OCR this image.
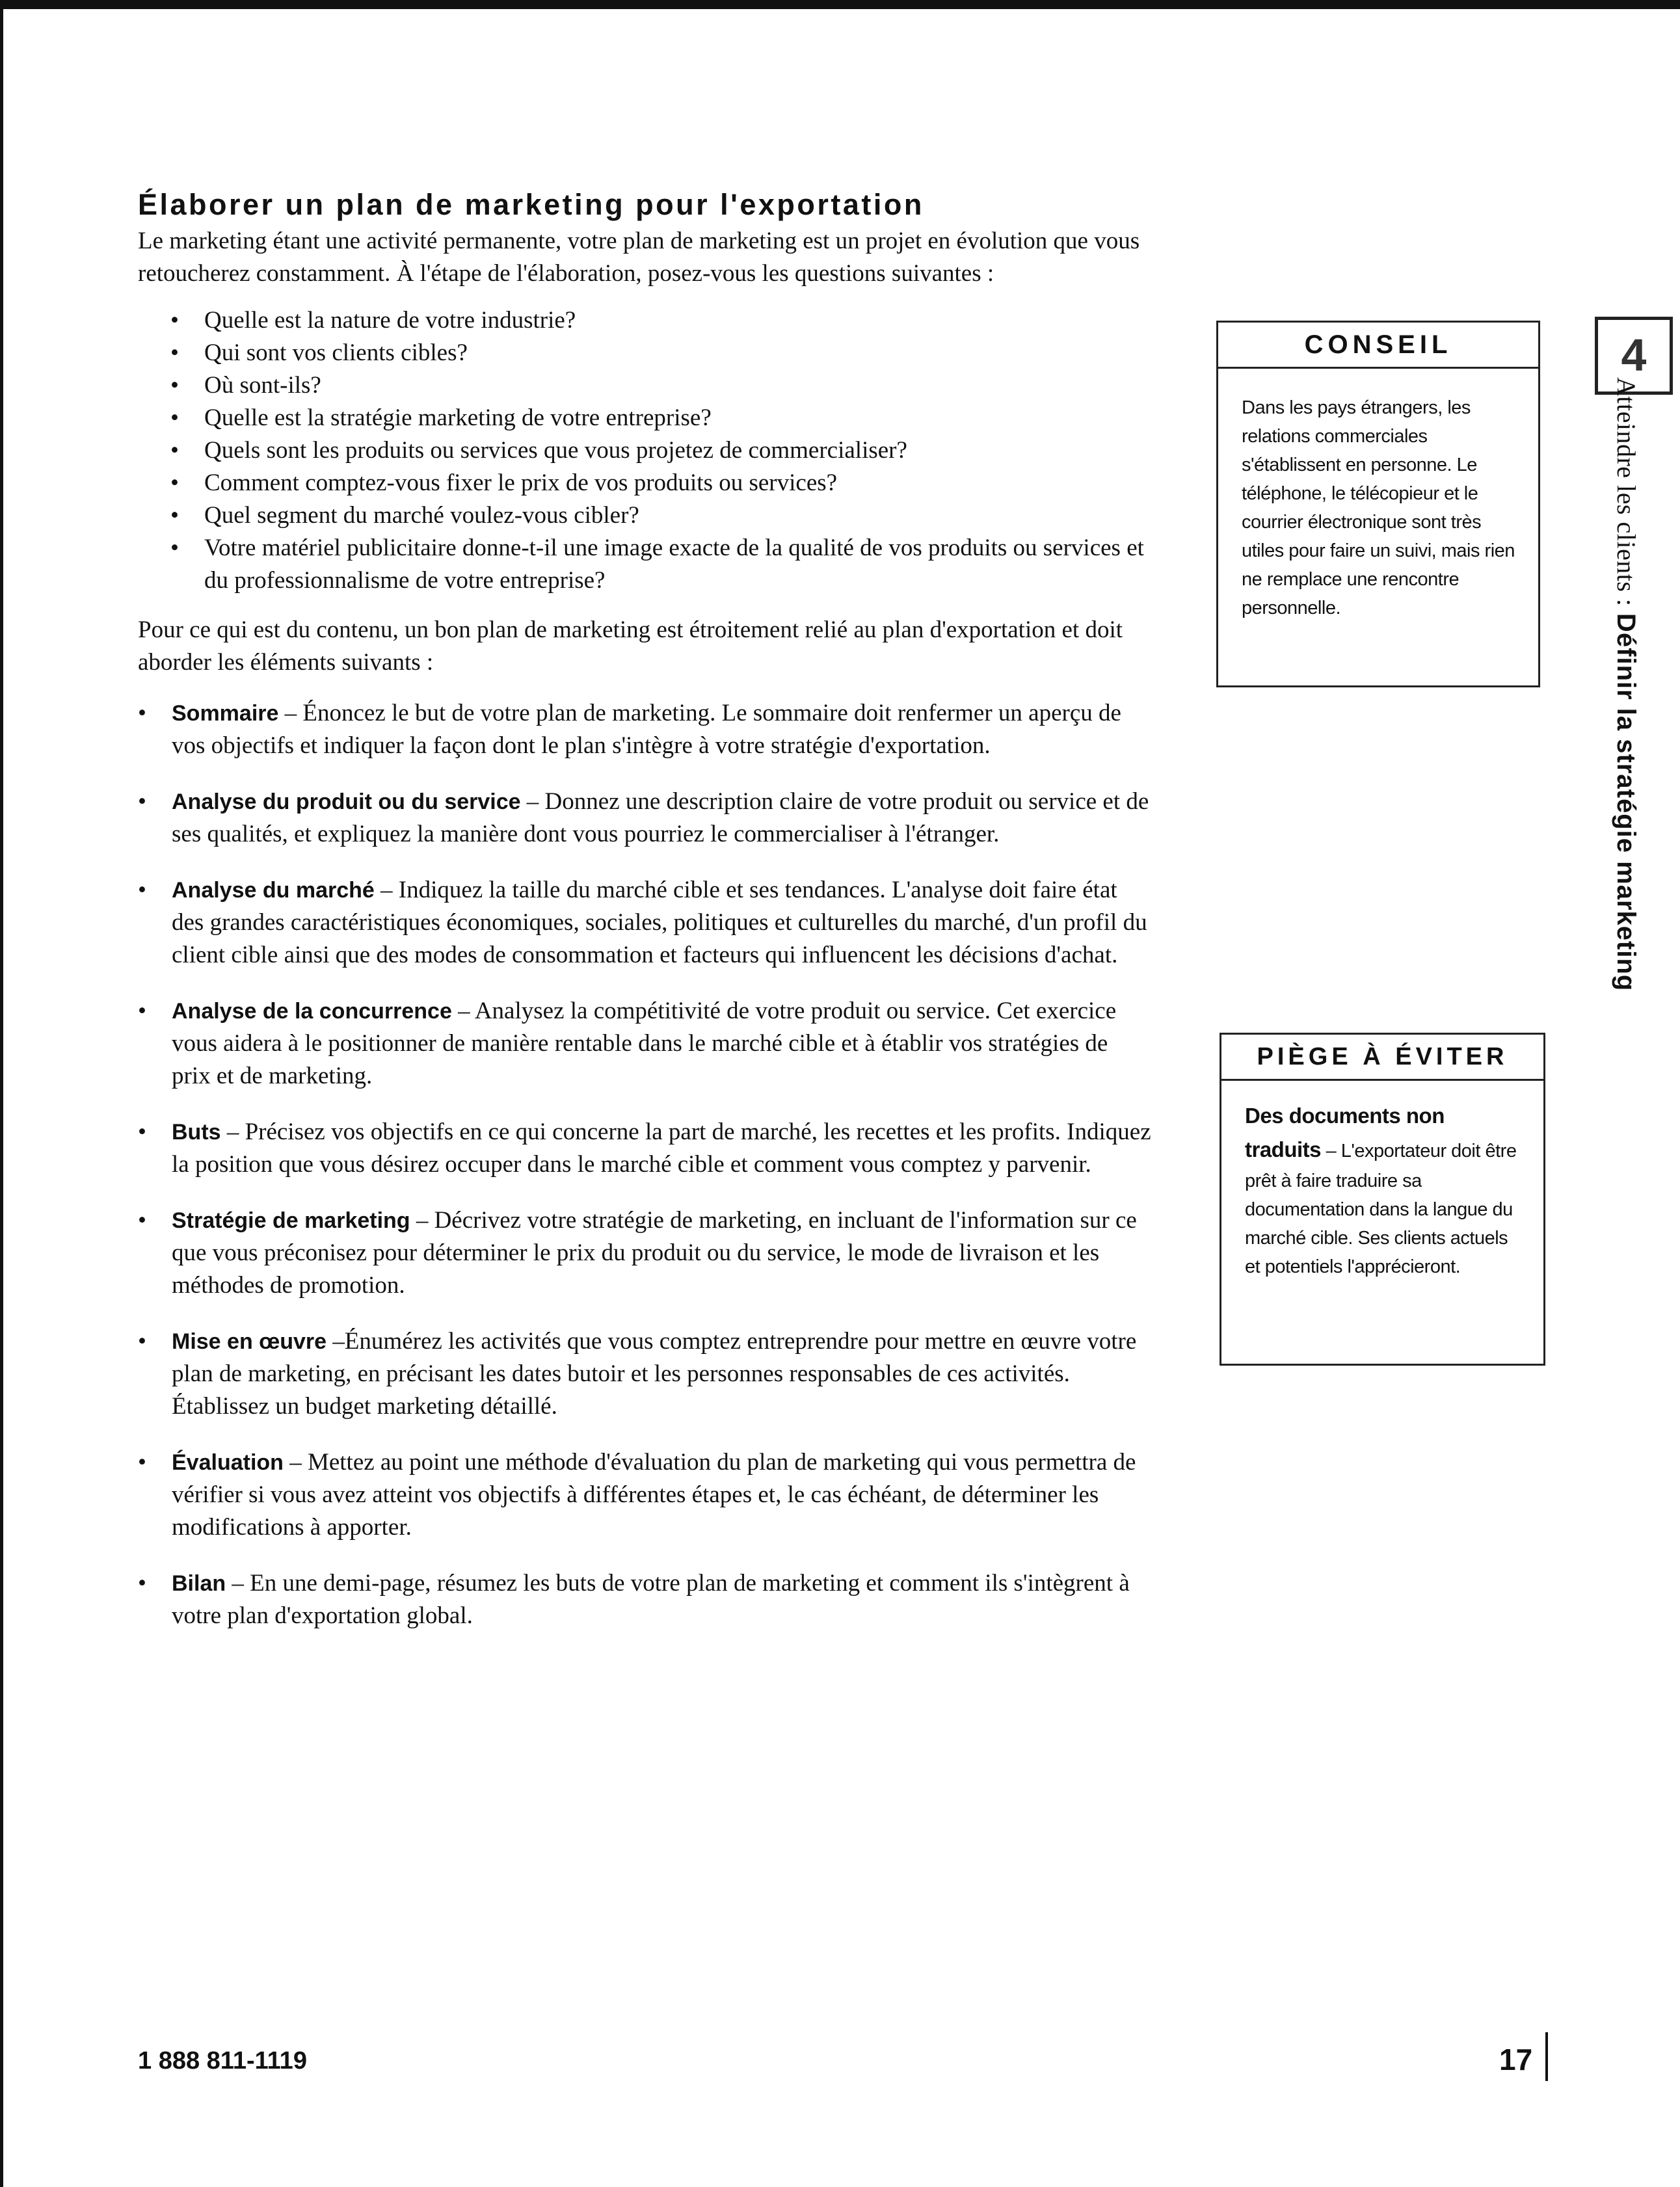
Élaborer un plan de marketing pour l'exportation

Le marketing étant une activité permanente, votre plan de marketing est un projet en évolution que vous retoucherez constamment. À l'étape de l'élaboration, posez-vous les questions suivantes :

• Quelle est la nature de votre industrie?
• Qui sont vos clients cibles?
• Où sont-ils?
• Quelle est la stratégie marketing de votre entreprise?
• Quels sont les produits ou services que vous projetez de commercialiser?
• Comment comptez-vous fixer le prix de vos produits ou services?
• Quel segment du marché voulez-vous cibler?
• Votre matériel publicitaire donne-t-il une image exacte de la qualité de vos produits ou services et du professionnalisme de votre entreprise?

Pour ce qui est du contenu, un bon plan de marketing est étroitement relié au plan d'exportation et doit aborder les éléments suivants :

• Sommaire – Énoncez le but de votre plan de marketing. Le sommaire doit renfermer un aperçu de vos objectifs et indiquer la façon dont le plan s'intègre à votre stratégie d'exportation.
• Analyse du produit ou du service – Donnez une description claire de votre produit ou service et de ses qualités, et expliquez la manière dont vous pourriez le commercialiser à l'étranger.
• Analyse du marché – Indiquez la taille du marché cible et ses tendances. L'analyse doit faire état des grandes caractéristiques économiques, sociales, politiques et culturelles du marché, d'un profil du client cible ainsi que des modes de consommation et facteurs qui influencent les décisions d'achat.
• Analyse de la concurrence – Analysez la compétitivité de votre produit ou service. Cet exercice vous aidera à le positionner de manière rentable dans le marché cible et à établir vos stratégies de prix et de marketing.
• Buts – Précisez vos objectifs en ce qui concerne la part de marché, les recettes et les profits. Indiquez la position que vous désirez occuper dans le marché cible et comment vous comptez y parvenir.
• Stratégie de marketing – Décrivez votre stratégie de marketing, en incluant de l'information sur ce que vous préconisez pour déterminer le prix du produit ou du service, le mode de livraison et les méthodes de promotion.
• Mise en œuvre –Énumérez les activités que vous comptez entreprendre pour mettre en œuvre votre plan de marketing, en précisant les dates butoir et les personnes responsables de ces activités. Établissez un budget marketing détaillé.
• Évaluation – Mettez au point une méthode d'évaluation du plan de marketing qui vous permettra de vérifier si vous avez atteint vos objectifs à différentes étapes et, le cas échéant, de déterminer les modifications à apporter.
• Bilan – En une demi-page, résumez les buts de votre plan de marketing et comment ils s'intègrent à votre plan d'exportation global.
CONSEIL
Dans les pays étrangers, les relations commerciales s'établissent en personne. Le téléphone, le télécopieur et le courrier électronique sont très utiles pour faire un suivi, mais rien ne remplace une rencontre personnelle.
PIÈGE À ÉVITER
Des documents non traduits – L'exportateur doit être prêt à faire traduire sa documentation dans la langue du marché cible. Ses clients actuels et potentiels l'apprécieront.
4
Atteindre les clients : Définir la stratégie marketing
1 888 811-1119	17
